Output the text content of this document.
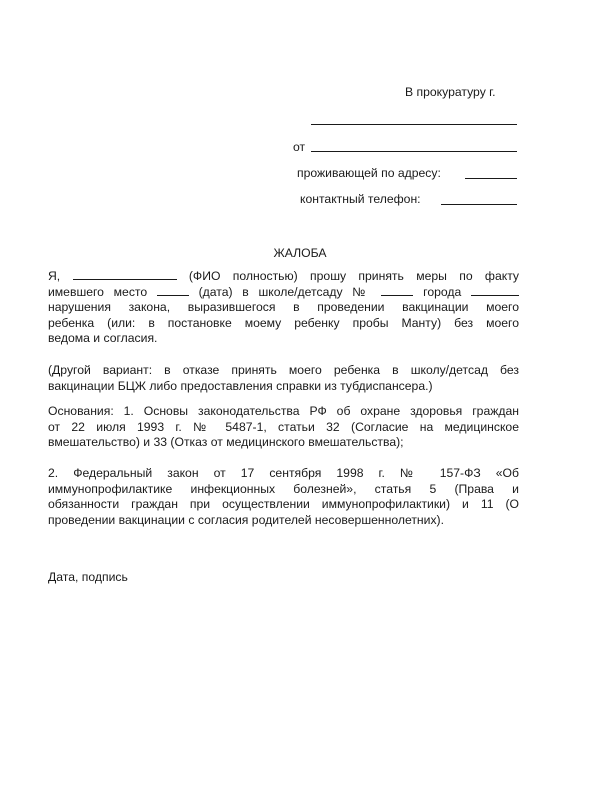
В прокуратуру г.
от
проживающей по адресу:
контактный телефон:
ЖАЛОБА
Я,	(ФИО полностью) прошу принять меры по факту
имевшего место	(дата) в школе/детсаду №	города
нарушения закона, выразившегося в проведении вакцинации моего
ребенка (или: в постановке моему ребенку пробы Манту) без моего
ведома и согласия.
(Другой вариант: в отказе принять моего ребенка в школу/детсад без
вакцинации БЦЖ либо предоставления справки из тубдиспансера.)
Основания: 1. Основы законодательства РФ об охране здоровья граждан
от 22 июля 1993 г. № 5487-1, статьи 32 (Согласие на медицинское
вмешательство) и 33 (Отказ от медицинского вмешательства);
2. Федеральный закон от 17 сентября 1998 г. № 157-ФЗ «Об
иммунопрофилактике инфекционных болезней», статья 5 (Права и
обязанности граждан при осуществлении иммунопрофилактики) и 11 (О
проведении вакцинации с согласия родителей несовершеннолетних).
Дата, подпись
